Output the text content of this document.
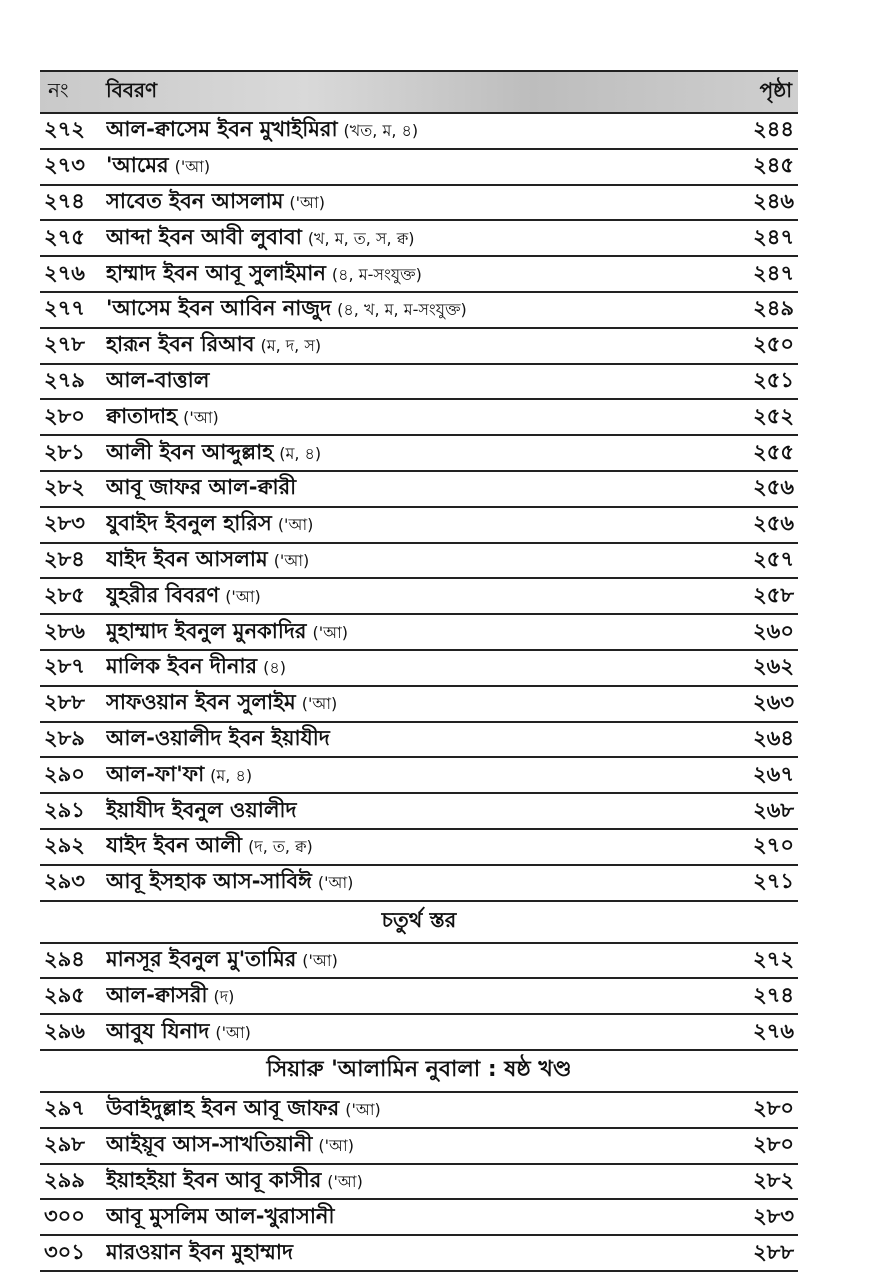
নং	বিবরণ	পৃষ্ঠা
২৭২	আল-ক্বাসেম ইবন মুখাইমিরা (খত, ম, ৪)	২৪৪
২৭৩	'আমের ('আ)	২৪৫
২৭৪	সাবেত ইবন আসলাম ('আ)	২৪৬
২৭৫	আব্দা ইবন আবী লুবাবা (খ, ম, ত, স, ক্ব)	২৪৭
২৭৬	হাম্মাদ ইবন আবূ সুলাইমান (৪, ম-সংযুক্ত)	২৪৭
২৭৭	'আসেম ইবন আবিন নাজুদ (৪, খ, ম, ম-সংযুক্ত)	২৪৯
২৭৮	হারূন ইবন রিআব (ম, দ, স)	২৫০
২৭৯	আল-বাত্তাল	২৫১
২৮০	ক্বাতাদাহ ('আ)	২৫২
২৮১	আলী ইবন আব্দুল্লাহ (ম, ৪)	২৫৫
২৮২	আবূ জাফর আল-ক্বারী	২৫৬
২৮৩	যুবাইদ ইবনুল হারিস ('আ)	২৫৬
২৮৪	যাইদ ইবন আসলাম ('আ)	২৫৭
২৮৫	যুহরীর বিবরণ ('আ)	২৫৮
২৮৬	মুহাম্মাদ ইবনুল মুনকাদির ('আ)	২৬০
২৮৭	মালিক ইবন দীনার (৪)	২৬২
২৮৮	সাফওয়ান ইবন সুলাইম ('আ)	২৬৩
২৮৯	আল-ওয়ালীদ ইবন ইয়াযীদ	২৬৪
২৯০	আল-ফা'ফা (ম, ৪)	২৬৭
২৯১	ইয়াযীদ ইবনুল ওয়ালীদ	২৬৮
২৯২	যাইদ ইবন আলী (দ, ত, ক্ব)	২৭০
২৯৩	আবূ ইসহাক আস-সাবিঈ ('আ)	২৭১
চতুর্থ স্তর
২৯৪	মানসূর ইবনুল মু'তামির ('আ)	২৭২
২৯৫	আল-ক্বাসরী (দ)	২৭৪
২৯৬	আবুয যিনাদ ('আ)	২৭৬
সিয়ারু 'আলামিন নুবালা : ষষ্ঠ খণ্ড
২৯৭	উবাইদুল্লাহ ইবন আবূ জাফর ('আ)	২৮০
২৯৮	আইয়ূব আস-সাখতিয়ানী ('আ)	২৮০
২৯৯	ইয়াহইয়া ইবন আবূ কাসীর ('আ)	২৮২
৩০০	আবূ মুসলিম আল-খুরাসানী	২৮৩
৩০১	মারওয়ান ইবন মুহাম্মাদ	২৮৮
